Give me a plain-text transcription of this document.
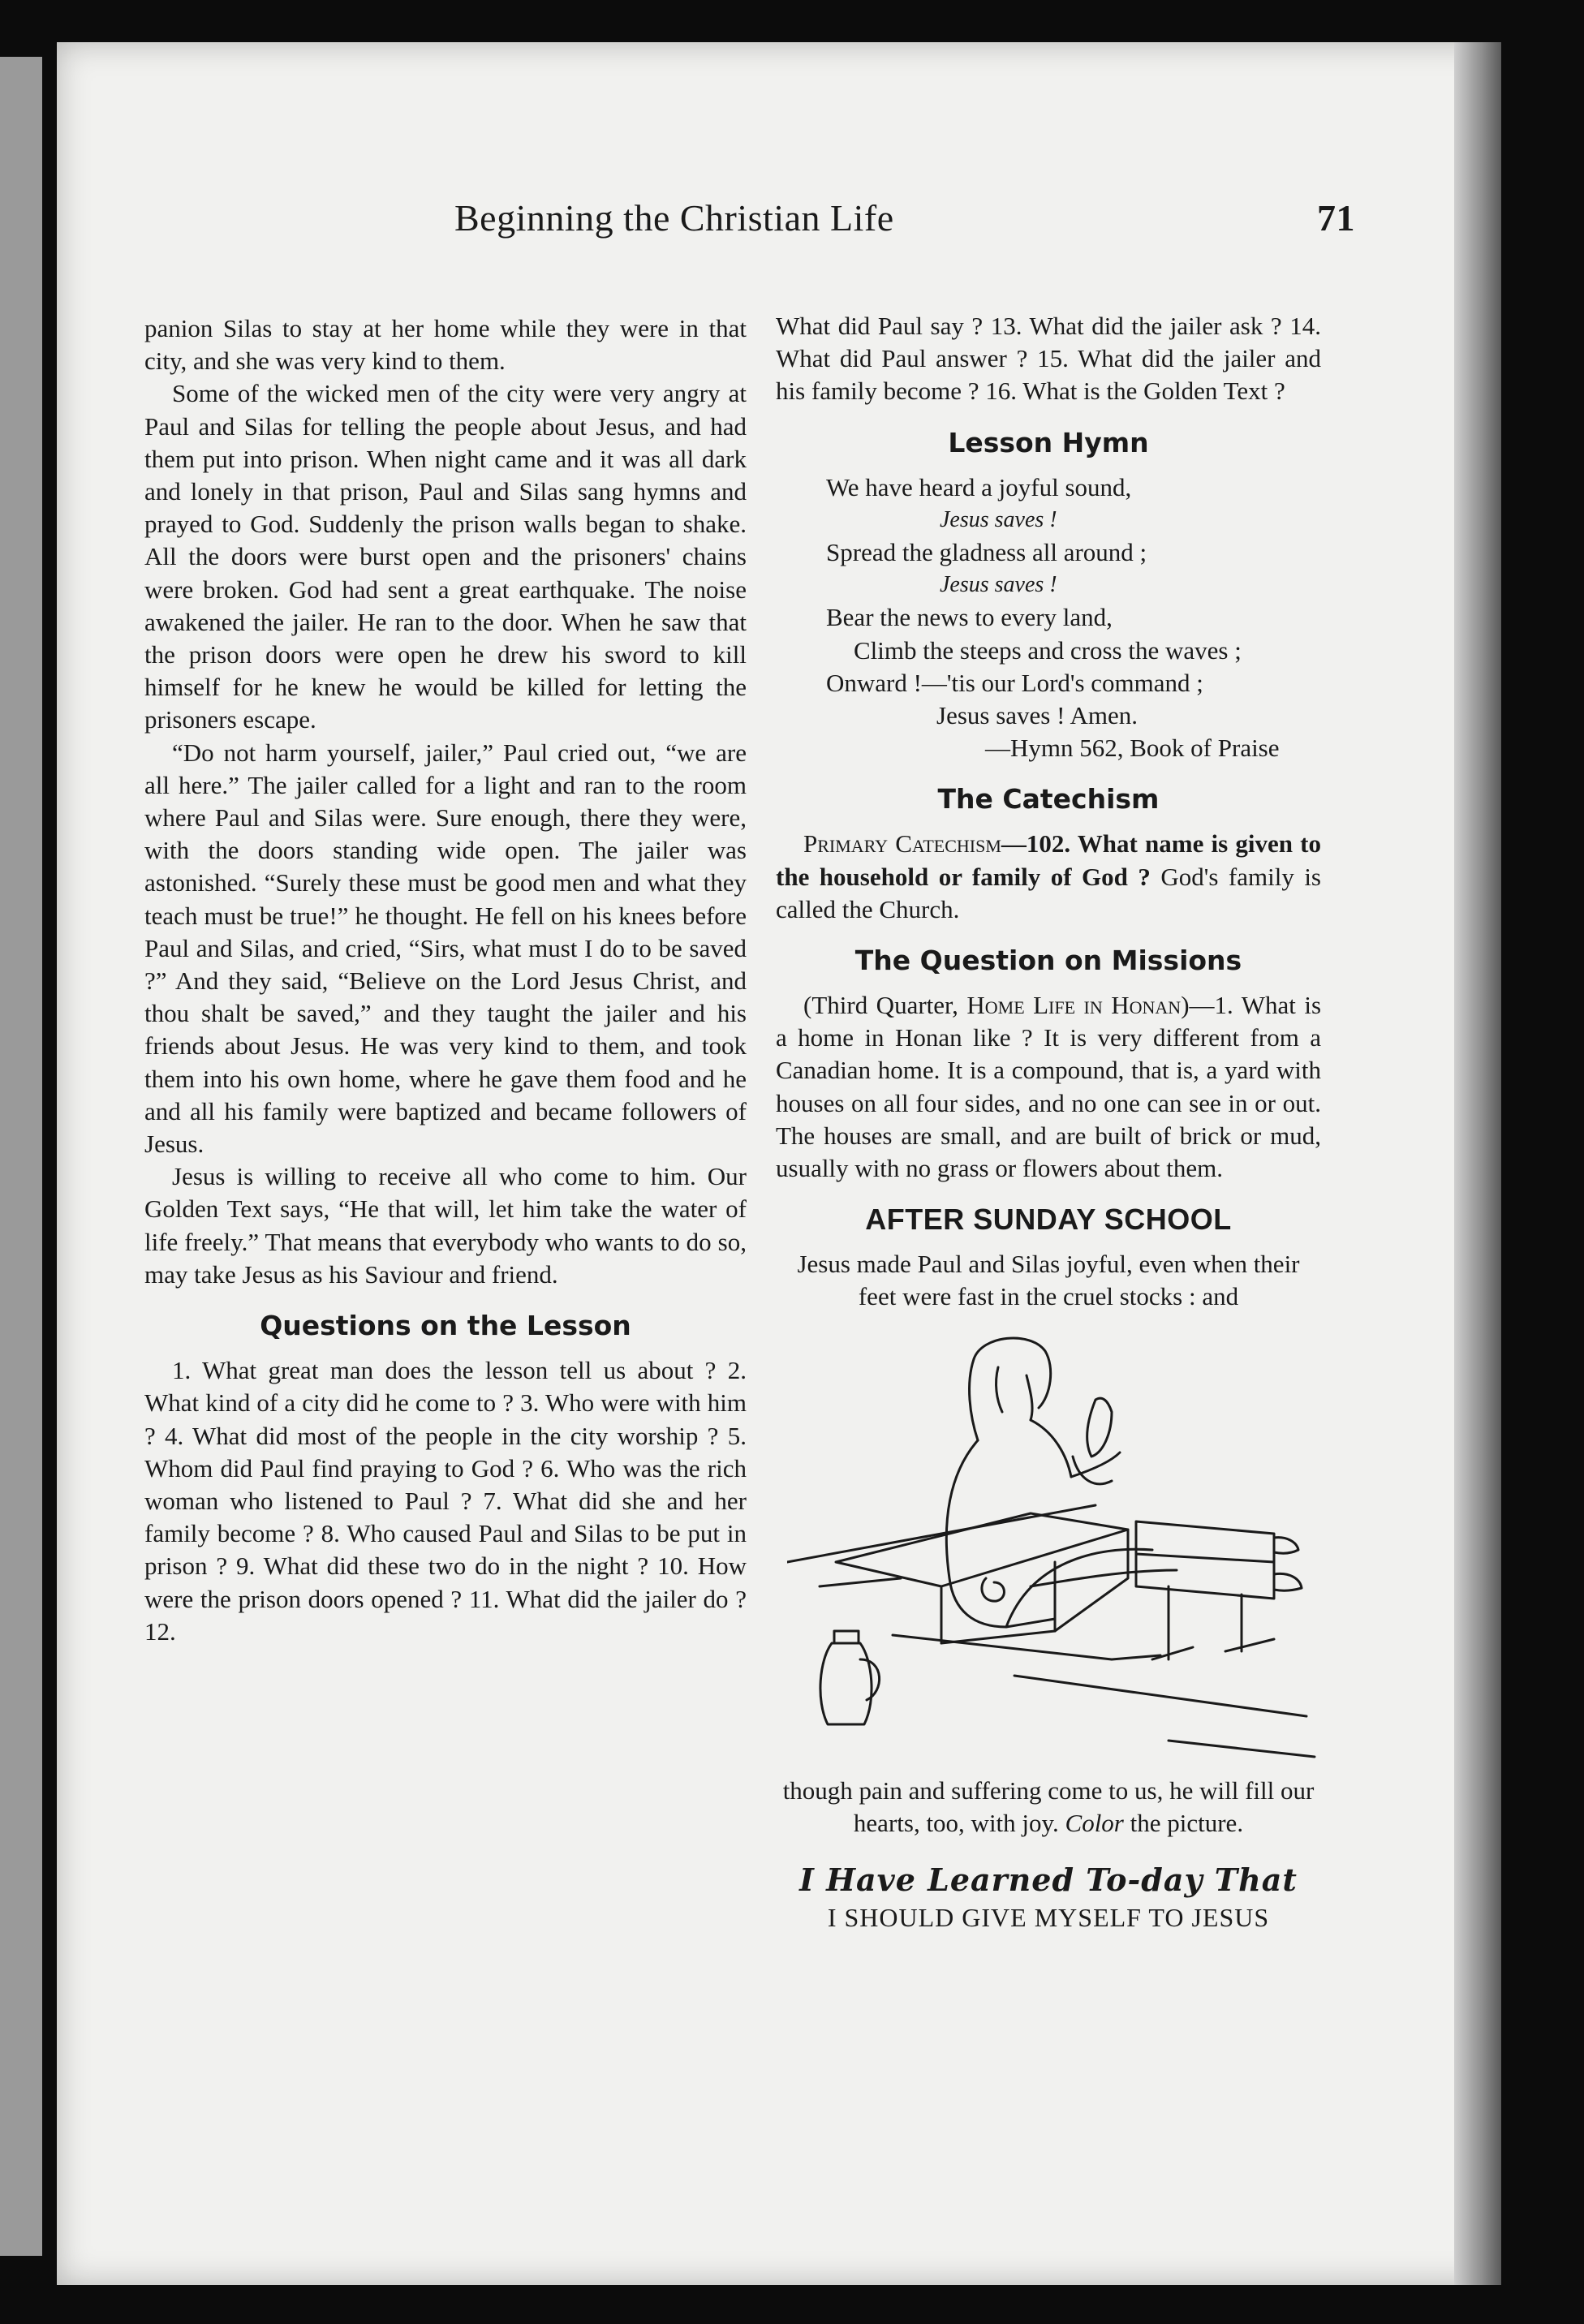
Beginning the Christian Life	71

panion Silas to stay at her home while they were in that city, and she was very kind to them.

Some of the wicked men of the city were very angry at Paul and Silas for telling the people about Jesus, and had them put into prison. When night came and it was all dark and lonely in that prison, Paul and Silas sang hymns and prayed to God. Suddenly the prison walls began to shake. All the doors were burst open and the prisoners' chains were broken. God had sent a great earthquake. The noise awakened the jailer. He ran to the door. When he saw that the prison doors were open he drew his sword to kill himself for he knew he would be killed for letting the prisoners escape.

“Do not harm yourself, jailer,” Paul cried out, “we are all here.” The jailer called for a light and ran to the room where Paul and Silas were. Sure enough, there they were, with the doors standing wide open. The jailer was astonished. “Surely these must be good men and what they teach must be true!” he thought. He fell on his knees before Paul and Silas, and cried, “Sirs, what must I do to be saved ?” And they said, “Believe on the Lord Jesus Christ, and thou shalt be saved,” and they taught the jailer and his friends about Jesus. He was very kind to them, and took them into his own home, where he gave them food and he and all his family were baptized and became followers of Jesus.

Jesus is willing to receive all who come to him. Our Golden Text says, “He that will, let him take the water of life freely.” That means that everybody who wants to do so, may take Jesus as his Saviour and friend.

Questions on the Lesson

1. What great man does the lesson tell us about ? 2. What kind of a city did he come to ? 3. Who were with him ? 4. What did most of the people in the city worship ? 5. Whom did Paul find praying to God ? 6. Who was the rich woman who listened to Paul ? 7. What did she and her family become ? 8. Who caused Paul and Silas to be put in prison ? 9. What did these two do in the night ? 10. How were the prison doors opened ? 11. What did the jailer do ? 12.

What did Paul say ? 13. What did the jailer ask ? 14. What did Paul answer ? 15. What did the jailer and his family become ? 16. What is the Golden Text ?

Lesson Hymn
We have heard a joyful sound,
Jesus saves !
Spread the gladness all around ;
Jesus saves !
Bear the news to every land,
Climb the steeps and cross the waves ;
Onward !—'tis our Lord's command ;
Jesus saves ! Amen.
—Hymn 562, Book of Praise
The Catechism

Primary Catechism—102. What name is given to the household or family of God ? God's family is called the Church.

The Question on Missions

(Third Quarter, Home Life in Honan)—1. What is a home in Honan like ? It is very different from a Canadian home. It is a compound, that is, a yard with houses on all four sides, and no one can see in or out. The houses are small, and are built of brick or mud, usually with no grass or flowers about them.

AFTER SUNDAY SCHOOL

Jesus made Paul and Silas joyful, even when their feet were fast in the cruel stocks : and

though pain and suffering come to us, he will fill our hearts, too, with joy. Color the picture.

I Have Learned To-day That
I SHOULD GIVE MYSELF TO JESUS
